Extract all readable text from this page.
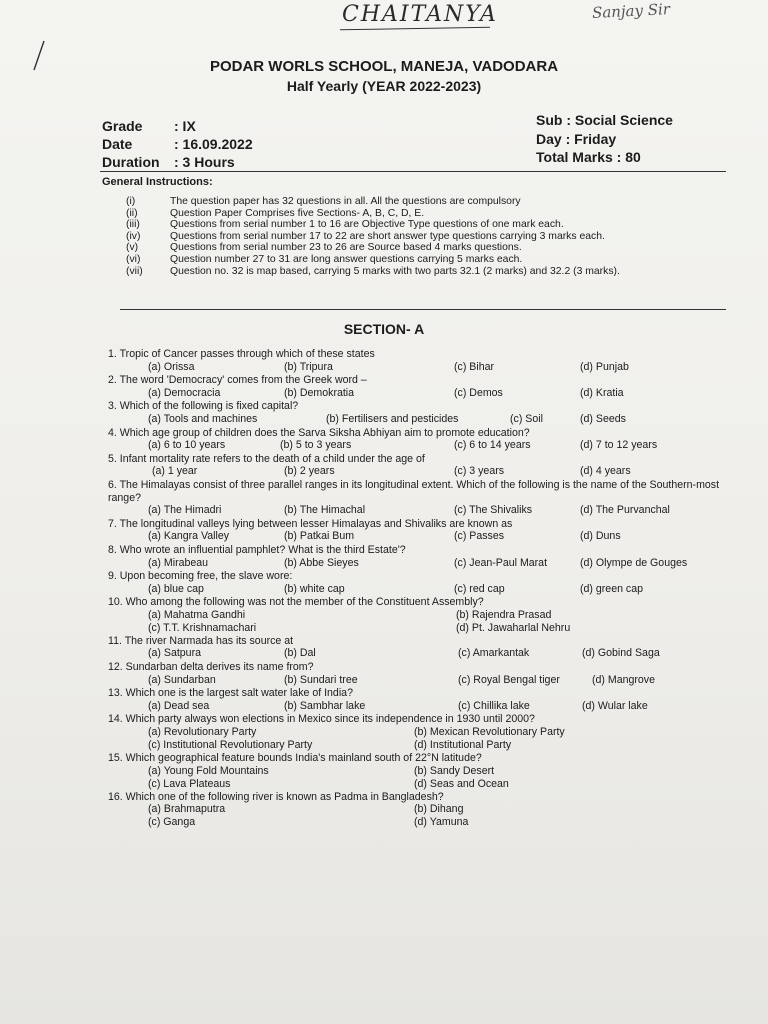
CHAITANYA	Sanjay Sir
PODAR WORLS SCHOOL, MANEJA, VADODARA
Half Yearly (YEAR 2022-2023)
Grade : IX
Date	: 16.09.2022
Duration : 3 Hours
Sub : Social Science
Day : Friday
Total Marks : 80
General Instructions:
(i)	The question paper has 32 questions in all. All the questions are compulsory
(ii)	Question Paper Comprises five Sections- A, B, C, D, E.
(iii)	Questions from serial number 1 to 16 are Objective Type questions of one mark each.
(iv)	Questions from serial number 17 to 22 are short answer type questions carrying 3 marks each.
(v)	Questions from serial number 23 to 26 are Source based 4 marks questions.
(vi)	Question number 27 to 31 are long answer questions carrying 5 marks each.
(vii)	Question no. 32 is map based, carrying 5 marks with two parts 32.1 (2 marks) and 32.2 (3 marks).
SECTION- A
1. Tropic of Cancer passes through which of these states
(a) Orissa	(b) Tripura	(c) Bihar	(d) Punjab
2. The word 'Democracy' comes from the Greek word –
(a) Democracia	(b) Demokratia	(c) Demos	(d) Kratia
3. Which of the following is fixed capital?
(a) Tools and machines	(b) Fertilisers and pesticides	(c) Soil	(d) Seeds
4. Which age group of children does the Sarva Siksha Abhiyan aim to promote education?
(a) 6 to 10 years	(b) 5 to 3 years	(c) 6 to 14 years	(d) 7 to 12 years
5. Infant mortality rate refers to the death of a child under the age of
(a) 1 year	(b) 2 years	(c) 3 years	(d) 4 years
6. The Himalayas consist of three parallel ranges in its longitudinal extent. Which of the following is the name of the Southern-most range?
(a) The Himadri	(b) The Himachal	(c) The Shivaliks	(d) The Purvanchal
7. The longitudinal valleys lying between lesser Himalayas and Shivaliks are known as
(a) Kangra Valley	(b) Patkai Bum	(c) Passes	(d) Duns
8. Who wrote an influential pamphlet? What is the third Estate'?
(a) Mirabeau	(b) Abbe Sieyes	(c) Jean-Paul Marat	(d) Olympe de Gouges
9. Upon becoming free, the slave wore:
(a) blue cap	(b) white cap	(c) red cap	(d) green cap
10. Who among the following was not the member of the Constituent Assembly?
(a) Mahatma Gandhi	(b) Rajendra Prasad
(c) T.T. Krishnamachari	(d) Pt. Jawaharlal Nehru
11. The river Narmada has its source at
(a) Satpura	(b) Dal	(c) Amarkantak	(d) Gobind Saga
12. Sundarban delta derives its name from?
(a) Sundarban	(b) Sundari tree	(c) Royal Bengal tiger	(d) Mangrove
13. Which one is the largest salt water lake of India?
(a) Dead sea	(b) Sambhar lake	(c) Chillika lake	(d) Wular lake
14. Which party always won elections in Mexico since its independence in 1930 until 2000?
(a) Revolutionary Party	(b) Mexican Revolutionary Party
(c) Institutional Revolutionary Party	(d) Institutional Party
15. Which geographical feature bounds India's mainland south of 22°N latitude?
(a) Young Fold Mountains	(b) Sandy Desert
(c) Lava Plateaus	(d) Seas and Ocean
16. Which one of the following river is known as Padma in Bangladesh?
(a) Brahmaputra	(b) Dihang
(c) Ganga	(d) Yamuna
